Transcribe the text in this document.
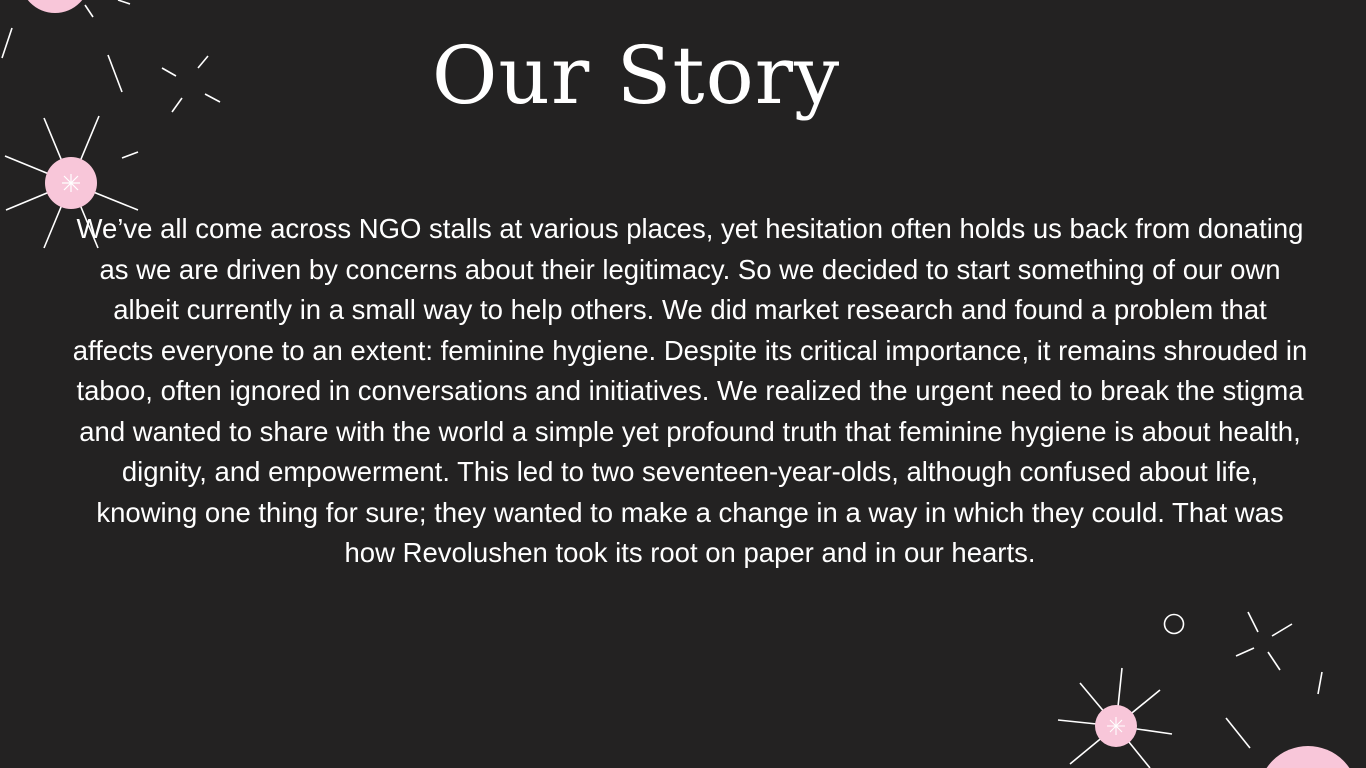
Our Story

We’ve all come across NGO stalls at various places, yet hesitation often holds us back from donating as we are driven by concerns about their legitimacy. So we decided to start something of our own albeit currently in a small way to help others. We did market research and found a problem that affects everyone to an extent: feminine hygiene. Despite its critical importance, it remains shrouded in taboo, often ignored in conversations and initiatives. We realized the urgent need to break the stigma and wanted to share with the world a simple yet profound truth that feminine hygiene is about health, dignity, and empowerment. This led to two seventeen-year-olds, although confused about life, knowing one thing for sure; they wanted to make a change in a way in which they could. That was how Revolushen took its root on paper and in our hearts.
